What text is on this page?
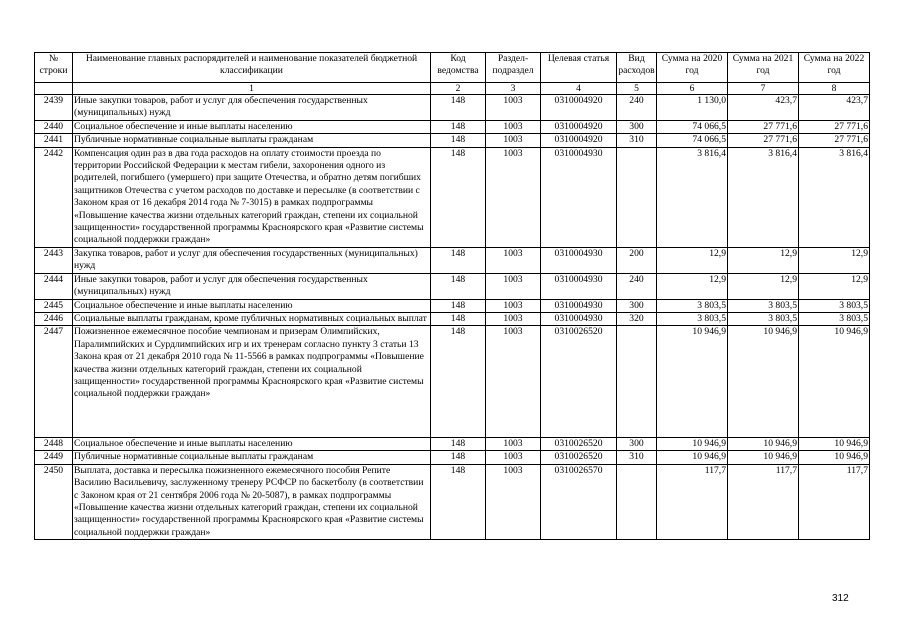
№ строки	Наименование главных распорядителей и наименование показателей бюджетной классификации	Код ведомства	Раздел-подраздел	Целевая статья	Вид расходов	Сумма на 2020 год	Сумма на 2021 год	Сумма на 2022 год
	1	2	3	4	5	6	7	8
2439	Иные закупки товаров, работ и услуг для обеспечения государственных (муниципальных) нужд	148	1003	0310004920	240	1 130,0	423,7	423,7
2440	Социальное обеспечение и иные выплаты населению	148	1003	0310004920	300	74 066,5	27 771,6	27 771,6
2441	Публичные нормативные социальные выплаты гражданам	148	1003	0310004920	310	74 066,5	27 771,6	27 771,6
2442	Компенсация один раз в два года расходов на оплату стоимости проезда по территории Российской Федерации к местам гибели, захоронения одного из родителей, погибшего (умершего) при защите Отечества, и обратно детям погибших защитников Отечества с учетом расходов по доставке и пересылке (в соответствии с Законом края от 16 декабря 2014 года № 7-3015) в рамках подпрограммы «Повышение качества жизни отдельных категорий граждан, степени их социальной защищенности» государственной программы Красноярского края «Развитие системы социальной поддержки граждан»	148	1003	0310004930		3 816,4	3 816,4	3 816,4
2443	Закупка товаров, работ и услуг для обеспечения государственных (муниципальных) нужд	148	1003	0310004930	200	12,9	12,9	12,9
2444	Иные закупки товаров, работ и услуг для обеспечения государственных (муниципальных) нужд	148	1003	0310004930	240	12,9	12,9	12,9
2445	Социальное обеспечение и иные выплаты населению	148	1003	0310004930	300	3 803,5	3 803,5	3 803,5
2446	Социальные выплаты гражданам, кроме публичных нормативных социальных выплат	148	1003	0310004930	320	3 803,5	3 803,5	3 803,5
2447	Пожизненное ежемесячное пособие чемпионам и призерам Олимпийских, Паралимпийских и Сурдлимпийских игр и их тренерам согласно пункту 3 статьи 13 Закона края от 21 декабря 2010 года № 11-5566 в рамках подпрограммы «Повышение качества жизни отдельных категорий граждан, степени их социальной защищенности» государственной программы Красноярского края «Развитие системы социальной поддержки граждан»	148	1003	0310026520		10 946,9	10 946,9	10 946,9
2448	Социальное обеспечение и иные выплаты населению	148	1003	0310026520	300	10 946,9	10 946,9	10 946,9
2449	Публичные нормативные социальные выплаты гражданам	148	1003	0310026520	310	10 946,9	10 946,9	10 946,9
2450	Выплата, доставка и пересылка пожизненного ежемесячного пособия Репите Василию Васильевичу, заслуженному тренеру РСФСР по баскетболу (в соответствии с Законом края от 21 сентября 2006 года № 20-5087), в рамках подпрограммы «Повышение качества жизни отдельных категорий граждан, степени их социальной защищенности» государственной программы Красноярского края «Развитие системы социальной поддержки граждан»	148	1003	0310026570		117,7	117,7	117,7
312
